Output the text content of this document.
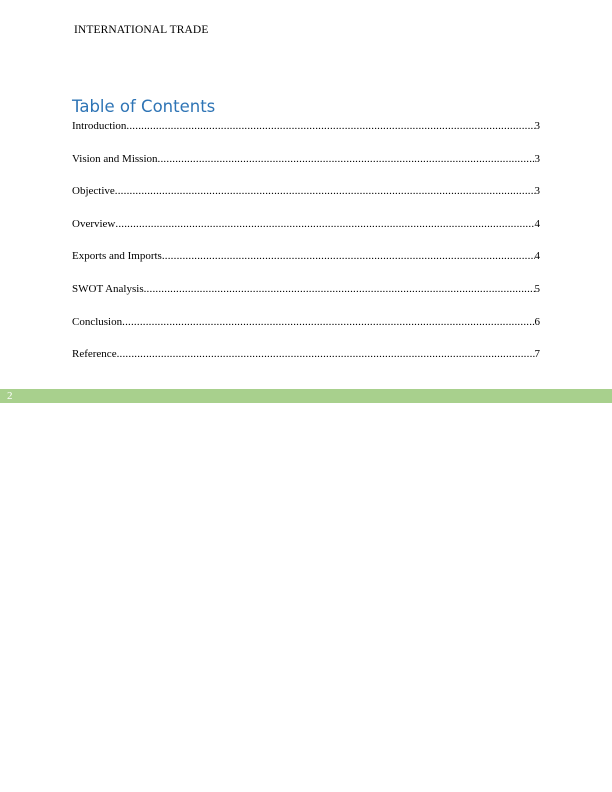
INTERNATIONAL TRADE
Table of Contents
Introduction .....	3
Vision and Mission .....	3
Objective .....	3
Overview .....	4
Exports and Imports .....	4
SWOT Analysis .....	5
Conclusion .....	6
Reference .....	7
2
